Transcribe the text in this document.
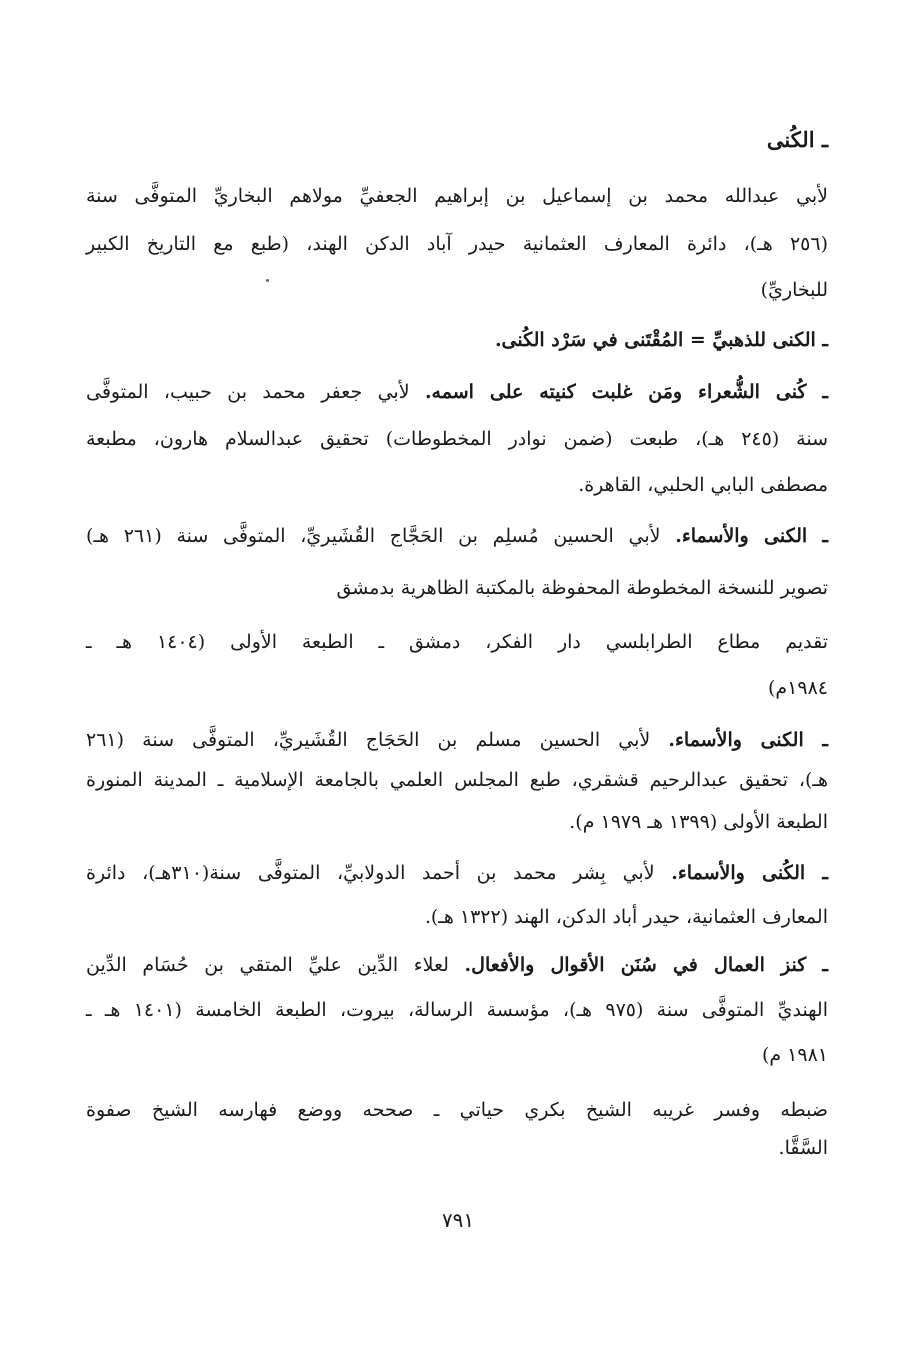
ـ الكُنى
لأبي عبدالله محمد بن إسماعيل بن إبراهيم الجعفيِّ مولاهم البخاريِّ المتوفَّى سنة
(٢٥٦ هـ)، دائرة المعارف العثمانية حيدر آباد الدكن الهند، (طبع مع التاريخ الكبير
للبخاريِّ)
ـ الكنى للذهبيِّ = المُقْتَنى في سَرْد الكُنى.
ـ كُنى الشُّعراء ومَن غلبت كنيته على اسمه. لأبي جعفر محمد بن حبيب، المتوفَّى
سنة (٢٤٥ هـ)، طبعت (ضمن نوادر المخطوطات) تحقيق عبدالسلام هارون، مطبعة
مصطفى البابي الحلبي، القاهرة.
ـ الكنى والأسماء. لأبي الحسين مُسلِم بن الحَجَّاج القُشَيريِّ، المتوفَّى سنة (٢٦١ هـ)
تصوير للنسخة المخطوطة المحفوظة بالمكتبة الظاهرية بدمشق
تقديم مطاع الطرابلسي دار الفكر، دمشق ـ الطبعة الأولى (١٤٠٤ هـ ـ
١٩٨٤م)
ـ الكنى والأسماء. لأبي الحسين مسلم بن الحَجَاج القُشَيريِّ، المتوفَّى سنة (٢٦١
هـ)، تحقيق عبدالرحيم قشقري، طبع المجلس العلمي بالجامعة الإسلامية ـ المدينة المنورة
الطبعة الأولى (١٣٩٩ هـ ١٩٧٩ م).
ـ الكُنى والأسماء. لأبي بِشر محمد بن أحمد الدولابيِّ، المتوفَّى سنة(٣١٠هـ)، دائرة
المعارف العثمانية، حيدر أباد الدكن، الهند (١٣٢٢ هـ).
ـ كنز العمال في سُنَن الأقوال والأفعال. لعلاء الدِّين عليِّ المتقي بن حُسَام الدِّين
الهنديِّ المتوفَّى سنة (٩٧٥ هـ)، مؤسسة الرسالة، بيروت، الطبعة الخامسة (١٤٠١ هـ ـ
١٩٨١ م)
ضبطه وفسر غريبه الشيخ بكري حياتي ـ صححه ووضع فهارسه الشيخ صفوة
السَّقَّا.
٧٩١
